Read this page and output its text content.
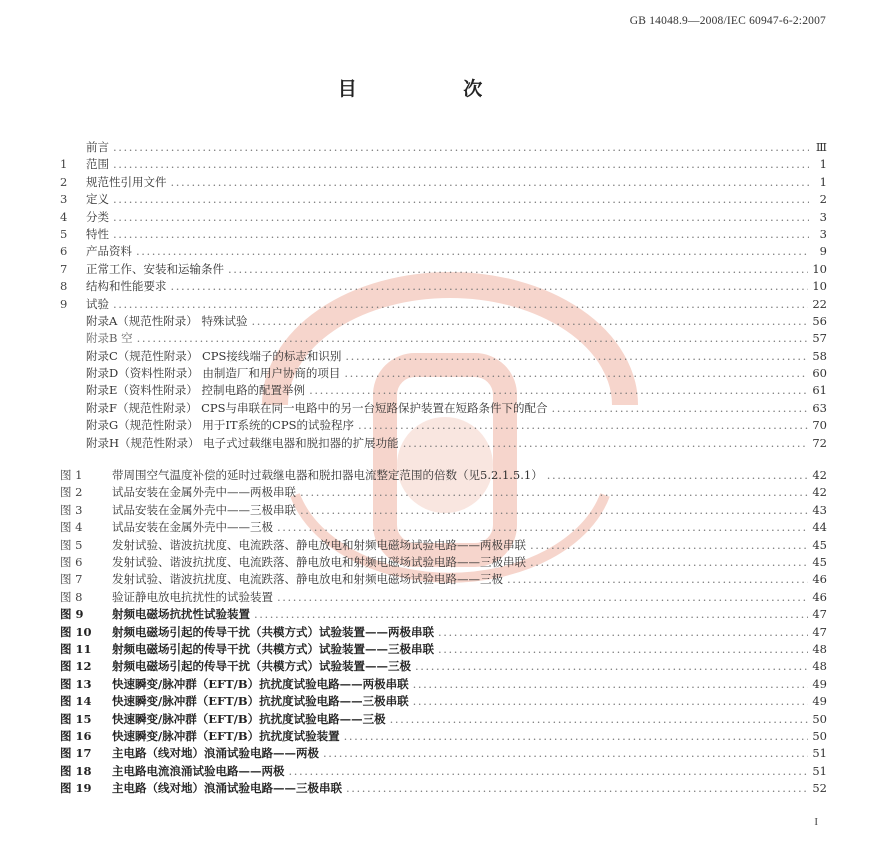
GB 14048.9—2008/IEC 60947-6-2:2007
目 次
前言 .....	Ⅲ
1	范围 .....	1
2	规范性引用文件 .....	1
3	定义 .....	2
4	分类 .....	3
5	特性 .....	3
6	产品资料 .....	9
7	正常工作、安装和运输条件 .....	10
8	结构和性能要求 .....	10
9	试验 .....	22
附录A（规范性附录） 特殊试验 .....	56
附录B 空 .....	57
附录C（规范性附录） CPS接线端子的标志和识别 .....	58
附录D（资料性附录） 由制造厂和用户协商的项目 .....	60
附录E（资料性附录） 控制电路的配置举例 .....	61
附录F（规范性附录） CPS与串联在同一电路中的另一台短路保护装置在短路条件下的配合 .....	63
附录G（规范性附录） 用于IT系统的CPS的试验程序 .....	70
附录H（规范性附录） 电子式过载继电器和脱扣器的扩展功能 .....	72
图 1	带周围空气温度补偿的延时过载继电器和脱扣器电流整定范围的倍数（见5.2.1.5.1） .....	42
图 2	试品安装在金属外壳中——两极串联 .....	42
图 3	试品安装在金属外壳中——三极串联 .....	43
图 4	试品安装在金属外壳中——三极 .....	44
图 5	发射试验、谐波抗扰度、电流跌落、静电放电和射频电磁场试验电路——两极串联 .....	45
图 6	发射试验、谐波抗扰度、电流跌落、静电放电和射频电磁场试验电路——三极串联 .....	45
图 7	发射试验、谐波抗扰度、电流跌落、静电放电和射频电磁场试验电路——三极 .....	46
图 8	验证静电放电抗扰性的试验装置 .....	46
图 9	射频电磁场抗扰性试验装置 .....	47
图 10	射频电磁场引起的传导干扰（共模方式）试验装置——两极串联 .....	47
图 11	射频电磁场引起的传导干扰（共模方式）试验装置——三极串联 .....	48
图 12	射频电磁场引起的传导干扰（共模方式）试验装置——三极 .....	48
图 13	快速瞬变/脉冲群（EFT/B）抗扰度试验电路——两极串联 .....	49
图 14	快速瞬变/脉冲群（EFT/B）抗扰度试验电路——三极串联 .....	49
图 15	快速瞬变/脉冲群（EFT/B）抗扰度试验电路——三极 .....	50
图 16	快速瞬变/脉冲群（EFT/B）抗扰度试验装置 .....	50
图 17	主电路（线对地）浪涌试验电路——两极 .....	51
图 18	主电路电流浪涌试验电路——两极 .....	51
图 19	主电路（线对地）浪涌试验电路——三极串联 .....	52
I
